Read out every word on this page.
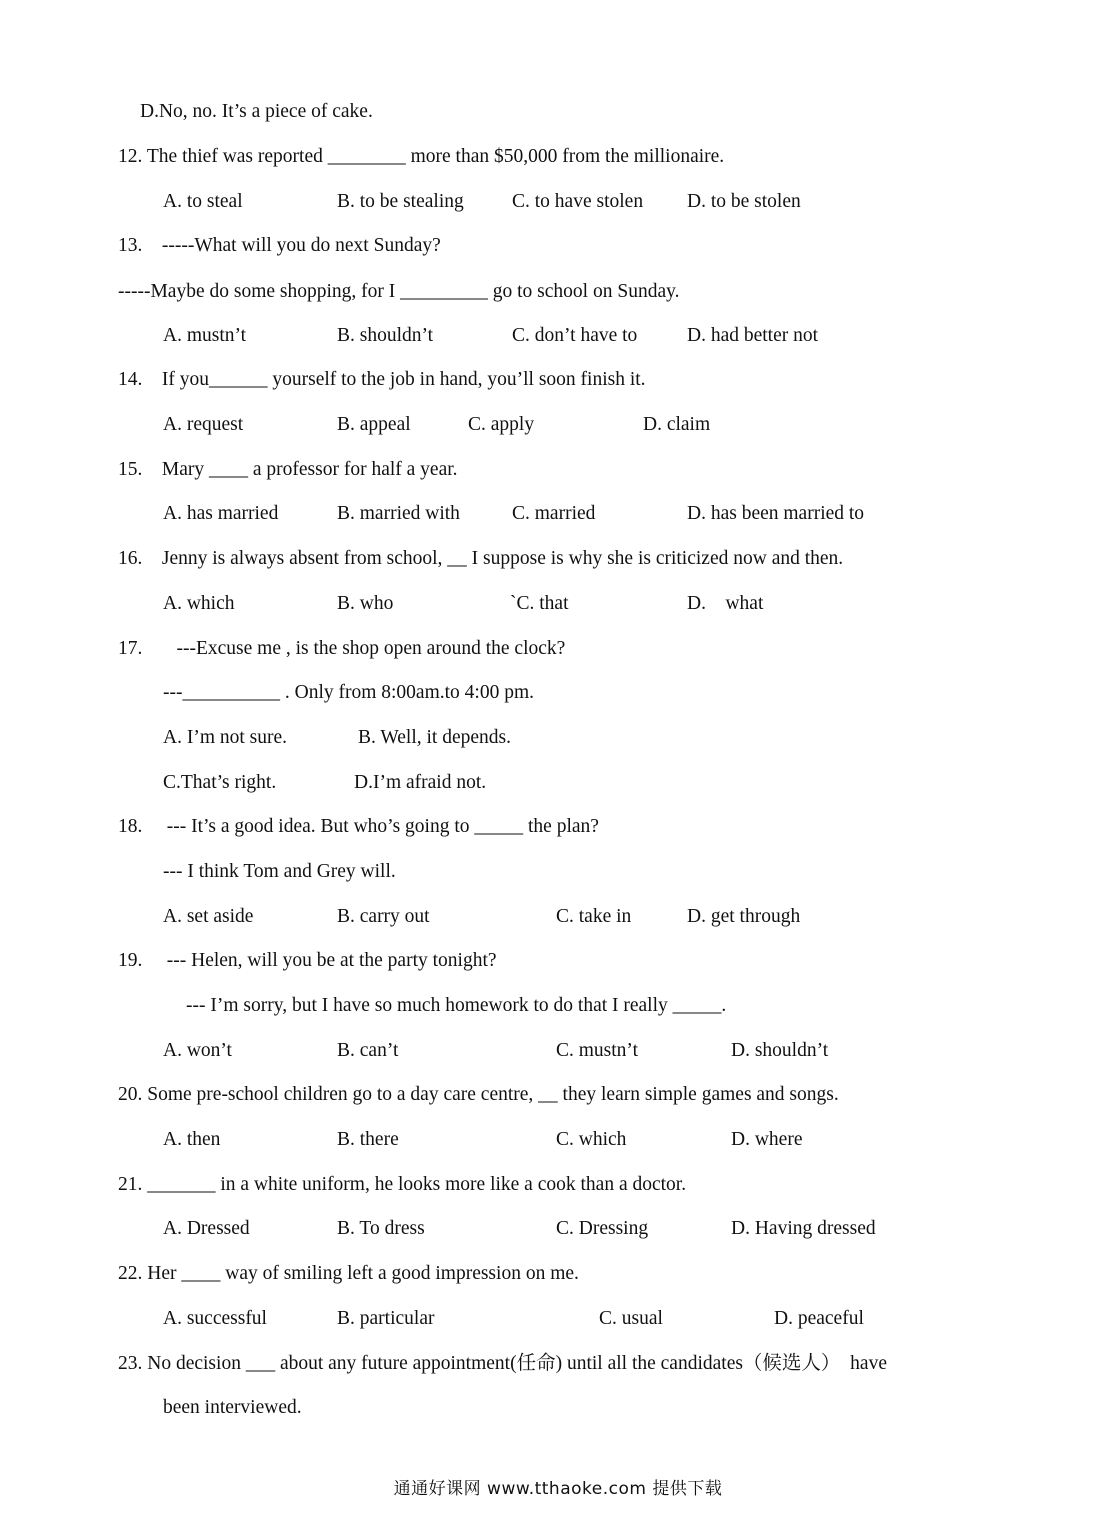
D.No, no. It’s a piece of cake.
12. The thief was reported ________ more than $50,000 from the millionaire.
A. to steal	B. to be stealing C. to have stolen D. to be stolen
13.    -----What will you do next Sunday?
-----Maybe do some shopping, for I _________ go to school on Sunday.
A. mustn’t	B. shouldn’t	C. don’t have to	D. had better not
14.    If you______ yourself to the job in hand, you’ll soon finish it.
A. request	B. appeal	C. apply	D. claim
15.    Mary ____ a professor for half a year.
A. has married	B. married with	C. married	D. has been married to
16.    Jenny is always absent from school, __ I suppose is why she is criticized now and then.
A. which	B. who	`C. that	D.    what
17.       ---Excuse me , is the shop open around the clock?
---__________ . Only from 8:00am.to 4:00 pm.
A. I’m not sure.	B. Well, it depends.
C.That’s right.	D.I’m afraid not.
18.     --- It’s a good idea. But who’s going to _____ the plan?
--- I think Tom and Grey will.
A. set aside	B. carry out	C. take in	D. get through
19.     --- Helen, will you be at the party tonight?
--- I’m sorry, but I have so much homework to do that I really _____.
A. won’t	B. can’t	C. mustn’t	D. shouldn’t
20. Some pre-school children go to a day care centre, __ they learn simple games and songs.
A. then	B. there	C. which	D. where
21. _______ in a white uniform, he looks more like a cook than a doctor.
A. Dressed	B. To dress	C. Dressing	D. Having dressed
22. Her ____ way of smiling left a good impression on me.
A. successful	B. particular	C. usual	D. peaceful
23. No decision ___ about any future appointment(任命) until all the candidates（候选人）  have
been interviewed.
通通好课网 www.tthaoke.com 提供下载
